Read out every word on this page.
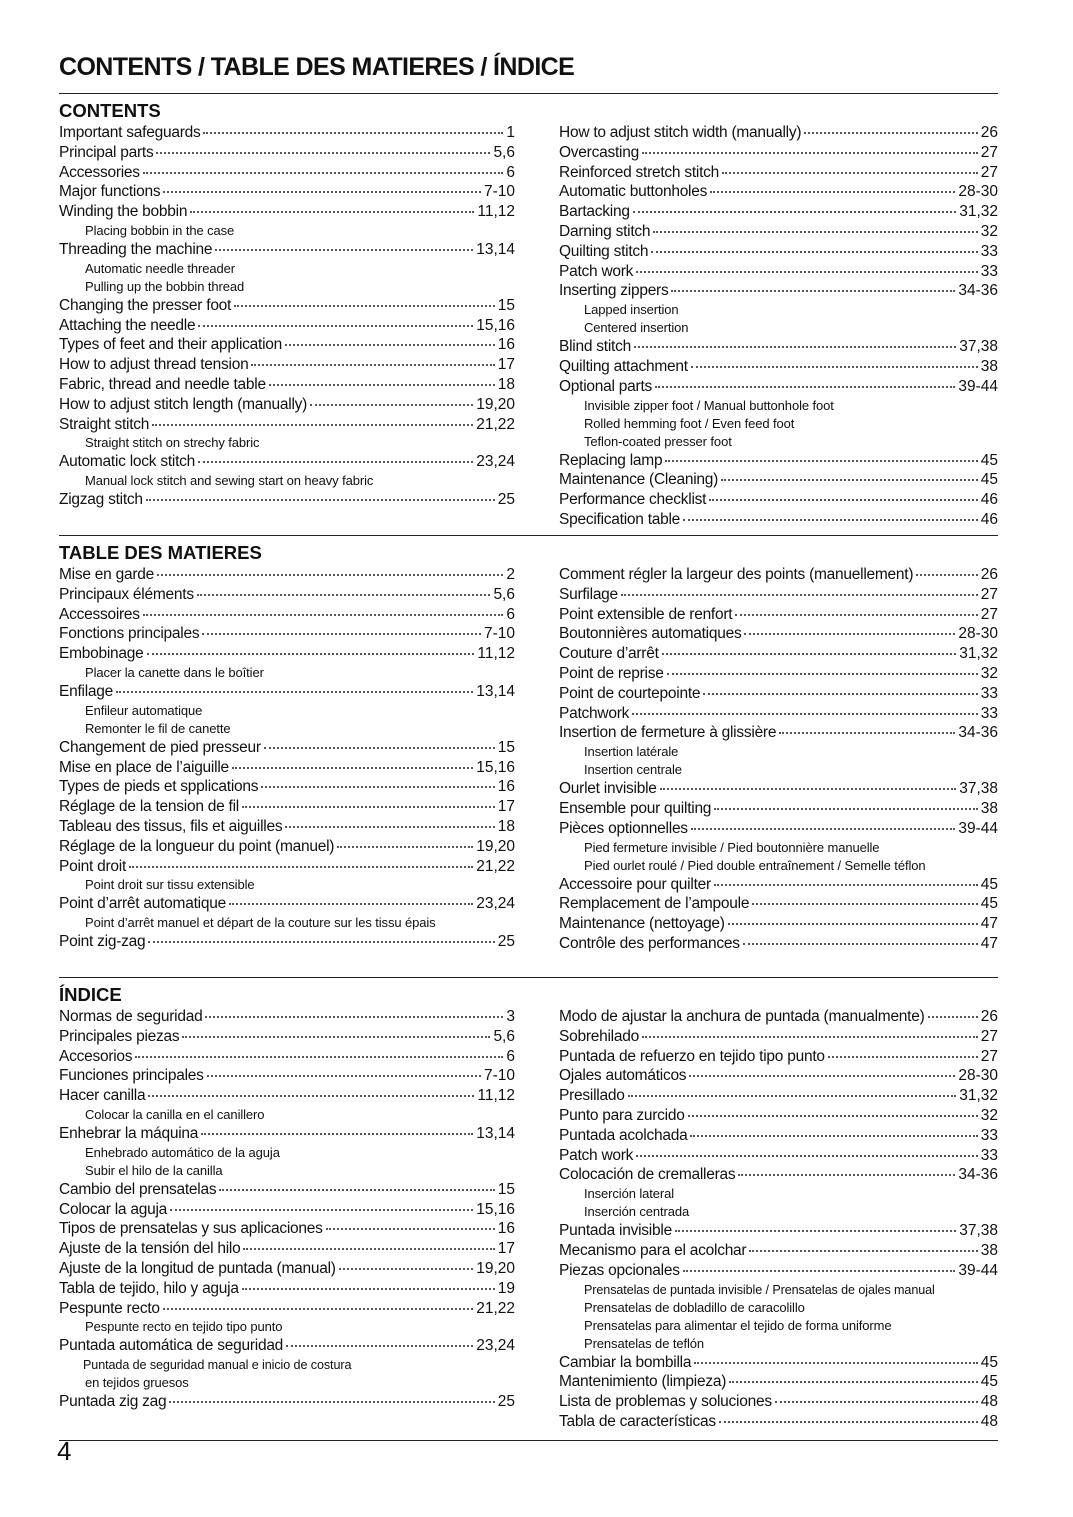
CONTENTS / TABLE DES MATIERES / ÍNDICE
CONTENTS
Important safeguards	1
Principal parts	5,6
Accessories	6
Major functions	7-10
Winding the bobbin	11,12
Placing bobbin in the case
Threading the machine	13,14
Automatic needle threader
Pulling up the bobbin thread
Changing the presser foot	15
Attaching the needle	15,16
Types of feet and their application	16
How to adjust thread tension	17
Fabric, thread and needle table	18
How to adjust stitch length (manually)	19,20
Straight stitch	21,22
Straight stitch on strechy fabric
Automatic lock stitch	23,24
Manual lock stitch and sewing start on heavy fabric
Zigzag stitch	25
How to adjust stitch width (manually)	26
Overcasting	27
Reinforced stretch stitch	27
Automatic buttonholes	28-30
Bartacking	31,32
Darning stitch	32
Quilting stitch	33
Patch work	33
Inserting zippers	34-36
Lapped insertion
Centered insertion
Blind stitch	37,38
Quilting attachment	38
Optional parts	39-44
Invisible zipper foot / Manual buttonhole foot
Rolled hemming foot / Even feed foot
Teflon-coated presser foot
Replacing lamp	45
Maintenance (Cleaning)	45
Performance checklist	46
Specification table	46
TABLE DES MATIERES
Mise en garde	2
Principaux éléments	5,6
Accessoires	6
Fonctions principales	7-10
Embobinage	11,12
Placer la canette dans le boîtier
Enfilage	13,14
Enfileur automatique
Remonter le fil de canette
Changement de pied presseur	15
Mise en place de l’aiguille	15,16
Types de pieds et spplications	16
Réglage de la tension de fil	17
Tableau des tissus, fils et aiguilles	18
Réglage de la longueur du point (manuel)	19,20
Point droit	21,22
Point droit sur tissu extensible
Point d’arrêt automatique	23,24
Point d’arrêt manuel et départ de la couture sur les tissu épais
Point zig-zag	25
Comment régler la largeur des points (manuellement)	26
Surfilage	27
Point extensible de renfort	27
Boutonnières automatiques	28-30
Couture d’arrêt	31,32
Point de reprise	32
Point de courtepointe	33
Patchwork	33
Insertion de fermeture à glissière	34-36
Insertion latérale
Insertion centrale
Ourlet invisible	37,38
Ensemble pour quilting	38
Pièces optionnelles	39-44
Pied fermeture invisible / Pied boutonnière manuelle
Pied ourlet roulé / Pied double entraînement / Semelle téflon
Accessoire pour quilter	45
Remplacement de l’ampoule	45
Maintenance (nettoyage)	47
Contrôle des performances	47
ÍNDICE
Normas de seguridad	3
Principales piezas	5,6
Accesorios	6
Funciones principales	7-10
Hacer canilla	11,12
Colocar la canilla en el canillero
Enhebrar la máquina	13,14
Enhebrado automático de la aguja
Subir el hilo de la canilla
Cambio del prensatelas	15
Colocar la aguja	15,16
Tipos de prensatelas y sus aplicaciones	16
Ajuste de la tensión del hilo	17
Ajuste de la longitud de puntada (manual)	19,20
Tabla de tejido, hilo y aguja	19
Pespunte recto	21,22
Pespunte recto en tejido tipo punto
Puntada automática de seguridad	23,24
Puntada de seguridad manual e inicio de costura
en tejidos gruesos
Puntada zig zag	25
Modo de ajustar la anchura de puntada (manualmente)	26
Sobrehilado	27
Puntada de refuerzo en tejido tipo punto	27
Ojales automáticos	28-30
Presillado	31,32
Punto para zurcido	32
Puntada acolchada	33
Patch work	33
Colocación de cremalleras	34-36
Inserción lateral
Inserción centrada
Puntada invisible	37,38
Mecanismo para el acolchar	38
Piezas opcionales	39-44
Prensatelas de puntada invisible / Prensatelas de ojales manual
Prensatelas de dobladillo de caracolillo
Prensatelas para alimentar el tejido de forma uniforme
Prensatelas de teflón
Cambiar la bombilla	45
Mantenimiento (limpieza)	45
Lista de problemas y soluciones	48
Tabla de características	48
4
